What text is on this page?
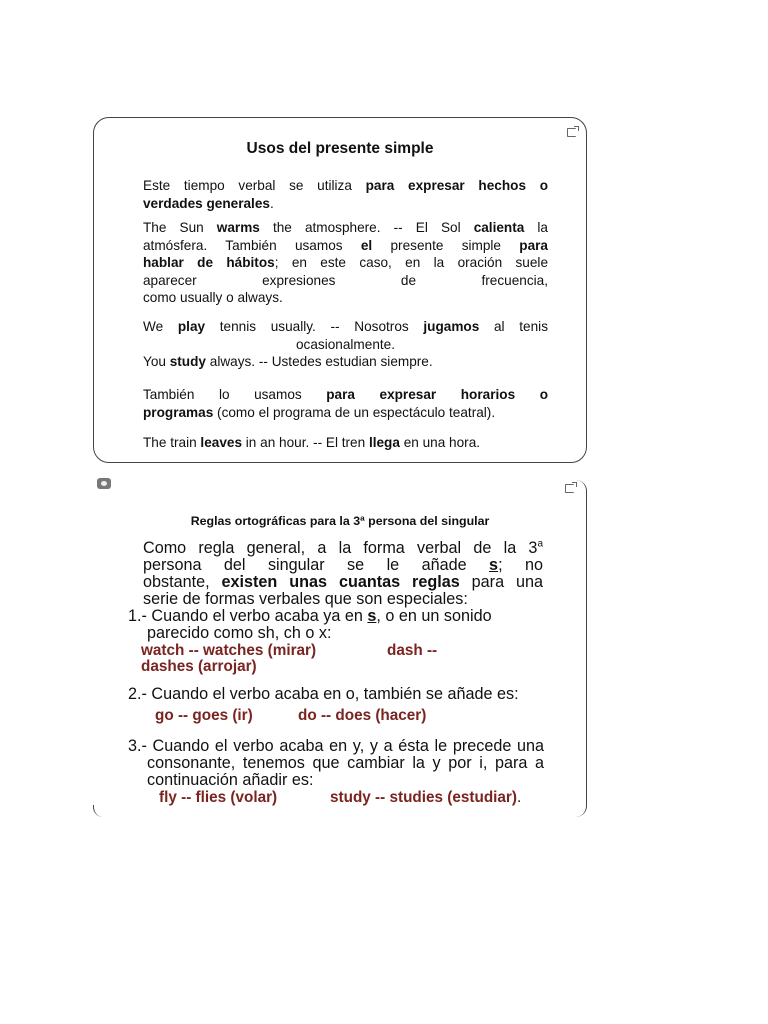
Usos del presente simple
Este tiempo verbal se utiliza para expresar hechos o
verdades generales.
The Sun warms the atmosphere. -- El Sol calienta la
atmósfera. También usamos el presente simple para
hablar de hábitos; en este caso, en la oración suele
aparecer expresiones de frecuencia,
como usually o always.
We play tennis usually. -- Nosotros jugamos al tenis
ocasionalmente.
You study always. -- Ustedes estudian siempre.
También lo usamos para expresar horarios o
programas (como el programa de un espectáculo teatral).
The train leaves in an hour. -- El tren llega en una hora.
Reglas ortográficas para la 3ª persona del singular
Como regla general, a la forma verbal de la 3$^a$
persona del singular se le añade s; no
obstante, existen unas cuantas reglas para una
serie de formas verbales que son especiales:
1.- Cuando el verbo acaba ya en s, o en un sonido
parecido como sh, ch o x:
watch -- watches (mirar)	dash --
dashes (arrojar)
2.- Cuando el verbo acaba en o, también se añade es:
go -- goes (ir)	do -- does (hacer)
3.- Cuando el verbo acaba en y, y a ésta le precede una
consonante, tenemos que cambiar la y por i, para a
continuación añadir es:
fly -- flies (volar)	study -- studies (estudiar).
